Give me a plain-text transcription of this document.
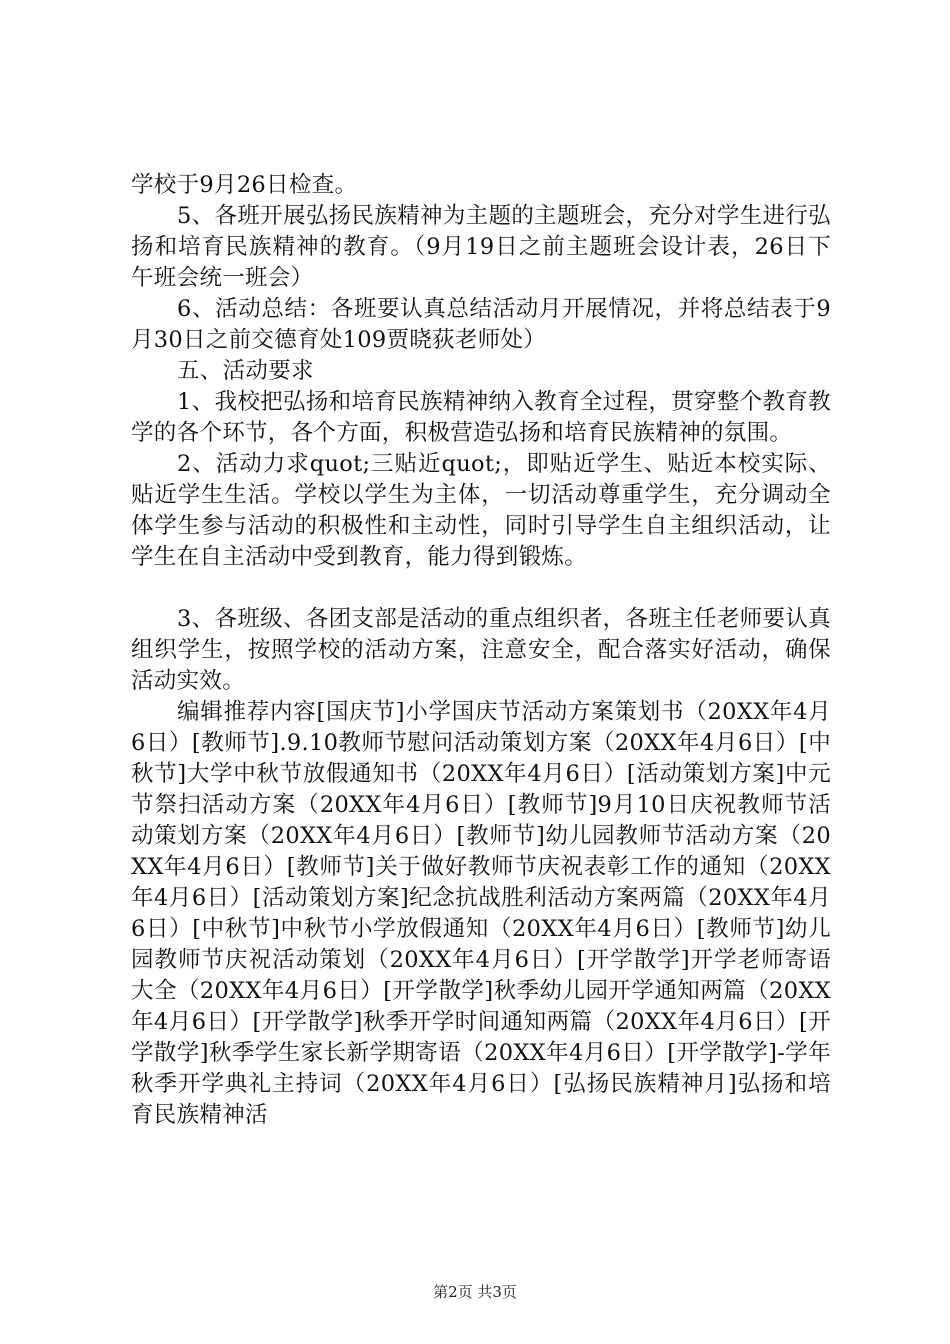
学校于9月26日检查。

5、各班开展弘扬民族精神为主题的主题班会，充分对学生进行弘扬和培育民族精神的教育。（9月19日之前主题班会设计表，26日下午班会统一班会）

6、活动总结：各班要认真总结活动月开展情况，并将总结表于9月30日之前交德育处109贾晓荻老师处）

五、活动要求

1、我校把弘扬和培育民族精神纳入教育全过程，贯穿整个教育教学的各个环节，各个方面，积极营造弘扬和培育民族精神的氛围。

2、活动力求quot;三贴近quot;，即贴近学生、贴近本校实际、贴近学生生活。学校以学生为主体，一切活动尊重学生，充分调动全体学生参与活动的积极性和主动性，同时引导学生自主组织活动，让学生在自主活动中受到教育，能力得到锻炼。

3、各班级、各团支部是活动的重点组织者，各班主任老师要认真组织学生，按照学校的活动方案，注意安全，配合落实好活动，确保活动实效。

编辑推荐内容[国庆节]小学国庆节活动方案策划书（20XX年4月6日）[教师节].9.10教师节慰问活动策划方案（20XX年4月6日）[中秋节]大学中秋节放假通知书（20XX年4月6日）[活动策划方案]中元节祭扫活动方案（20XX年4月6日）[教师节]9月10日庆祝教师节活动策划方案（20XX年4月6日）[教师节]幼儿园教师节活动方案（20XX年4月6日）[教师节]关于做好教师节庆祝表彰工作的通知（20XX年4月6日）[活动策划方案]纪念抗战胜利活动方案两篇（20XX年4月6日）[中秋节]中秋节小学放假通知（20XX年4月6日）[教师节]幼儿园教师节庆祝活动策划（20XX年4月6日）[开学散学]开学老师寄语大全（20XX年4月6日）[开学散学]秋季幼儿园开学通知两篇（20XX年4月6日）[开学散学]秋季开学时间通知两篇（20XX年4月6日）[开学散学]秋季学生家长新学期寄语（20XX年4月6日）[开学散学]-学年秋季开学典礼主持词（20XX年4月6日）[弘扬民族精神月]弘扬和培育民族精神活

第2页 共3页
